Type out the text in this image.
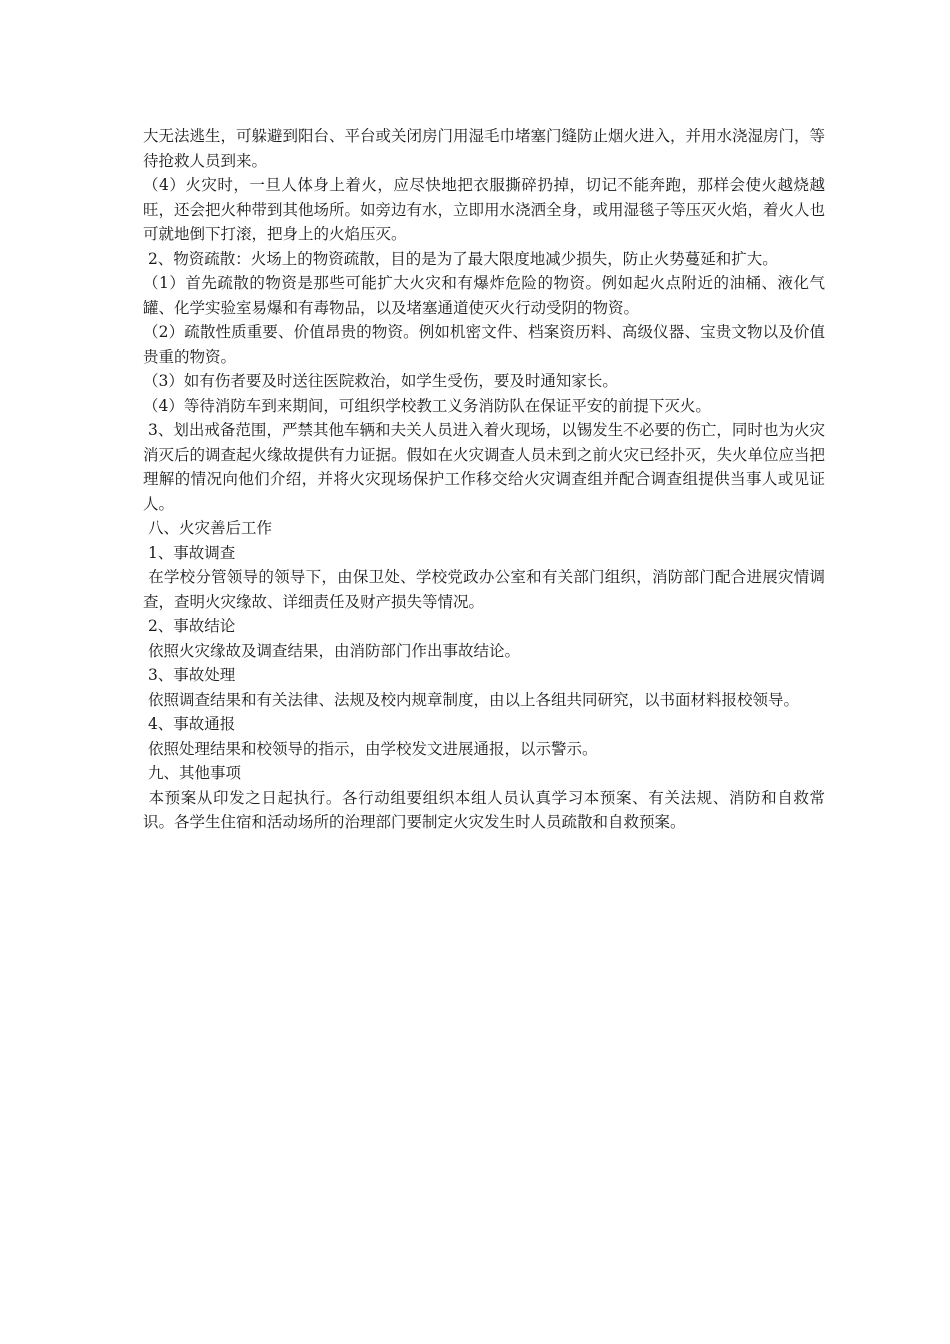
大无法逃生，可躲避到阳台、平台或关闭房门用湿毛巾堵塞门缝防止烟火进入，并用水浇湿房门，等待抢救人员到来。

（4）火灾时，一旦人体身上着火，应尽快地把衣服撕碎扔掉，切记不能奔跑，那样会使火越烧越旺，还会把火种带到其他场所。如旁边有水，立即用水浇洒全身，或用湿毯子等压灭火焰，着火人也可就地倒下打滚，把身上的火焰压灭。

2、物资疏散：火场上的物资疏散，目的是为了最大限度地减少损失，防止火势蔓延和扩大。

（1）首先疏散的物资是那些可能扩大火灾和有爆炸危险的物资。例如起火点附近的油桶、液化气罐、化学实验室易爆和有毒物品，以及堵塞通道使灭火行动受阴的物资。

（2）疏散性质重要、价值昂贵的物资。例如机密文件、档案资历料、高级仪器、宝贵文物以及价值贵重的物资。

（3）如有伤者要及时送往医院救治，如学生受伤，要及时通知家长。

（4）等待消防车到来期间，可组织学校教工义务消防队在保证平安的前提下灭火。

3、划出戒备范围，严禁其他车辆和夫关人员进入着火现场，以锡发生不必要的伤亡，同时也为火灾消灭后的调查起火缘故提供有力证据。假如在火灾调查人员未到之前火灾已经扑灭，失火单位应当把理解的情况向他们介绍，并将火灾现场保护工作移交给火灾调查组并配合调查组提供当事人或见证人。

八、火灾善后工作

1、事故调查

在学校分管领导的领导下，由保卫处、学校党政办公室和有关部门组织，消防部门配合进展灾情调查，查明火灾缘故、详细责任及财产损失等情况。

2、事故结论

依照火灾缘故及调查结果，由消防部门作出事故结论。

3、事故处理

依照调查结果和有关法律、法规及校内规章制度，由以上各组共同研究，以书面材料报校领导。

4、事故通报

依照处理结果和校领导的指示，由学校发文进展通报，以示警示。

九、其他事项

本预案从印发之日起执行。各行动组要组织本组人员认真学习本预案、有关法规、消防和自救常识。各学生住宿和活动场所的治理部门要制定火灾发生时人员疏散和自救预案。
